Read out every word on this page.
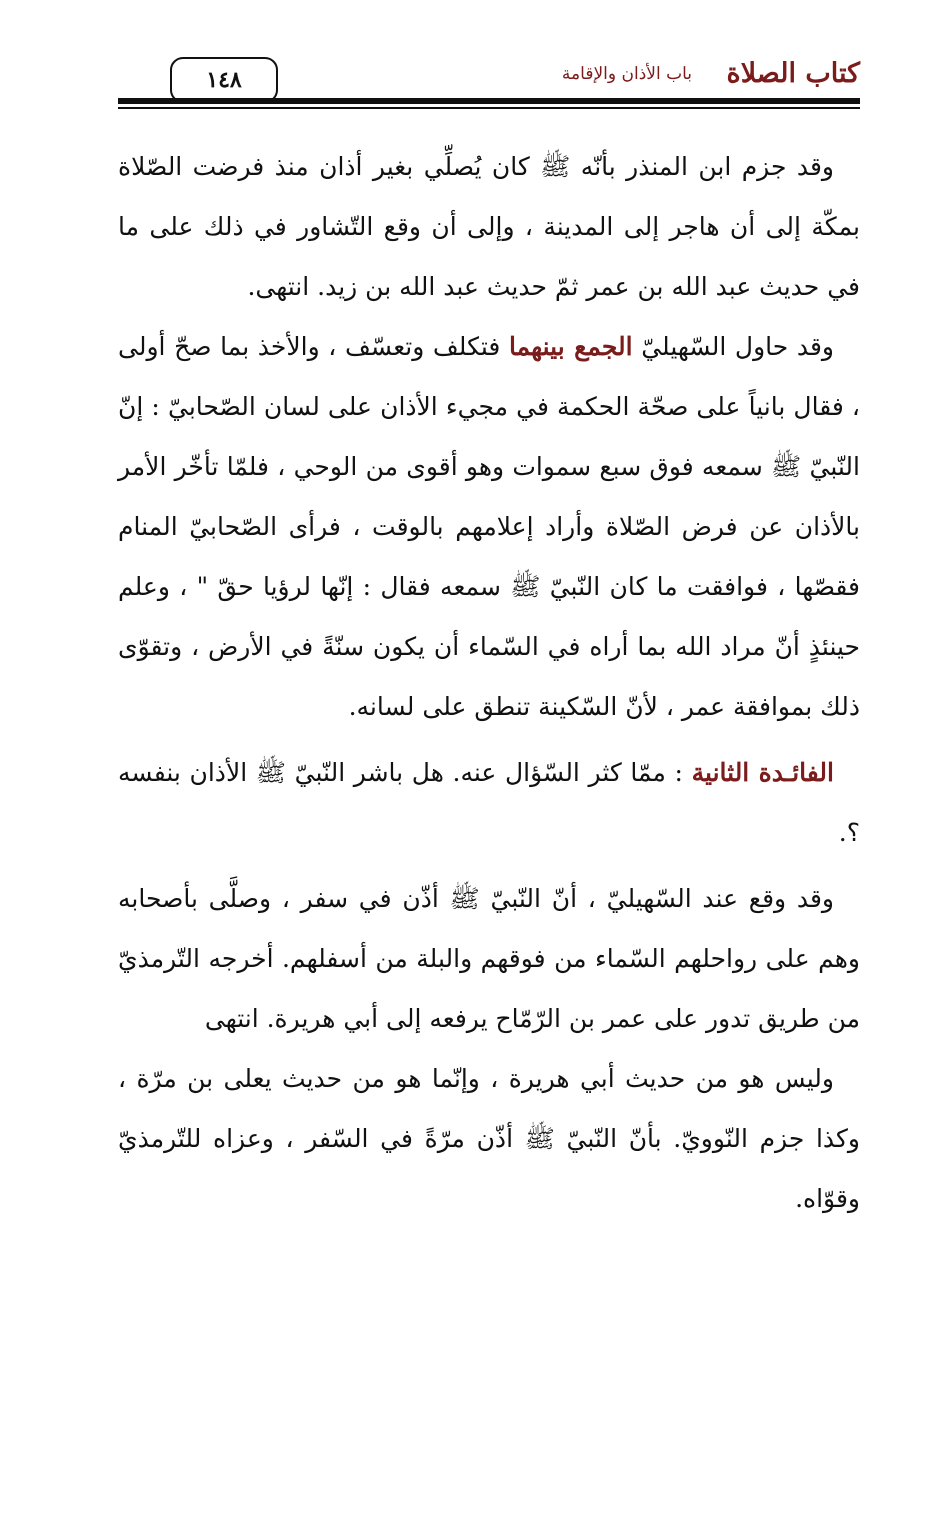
١٤٨	كتاب الصلاة
باب الأذان والإقامة

وقد جزم ابن المنذر بأنّه ﷺ كان يُصلِّي بغير أذان منذ فرضت الصّلاة بمكّة إلى أن هاجر إلى المدينة ، وإلى أن وقع التّشاور في ذلك على ما في حديث عبد الله بن عمر ثمّ حديث عبد الله بن زيد. انتهى.

وقد حاول السّهيليّ الجمع بينهما فتكلف وتعسّف ، والأخذ بما صحّ أولى ، فقال بانياً على صحّة الحكمة في مجيء الأذان على لسان الصّحابيّ : إنّ النّبيّ ﷺ سمعه فوق سبع سموات وهو أقوى من الوحي ، فلمّا تأخّر الأمر بالأذان عن فرض الصّلاة وأراد إعلامهم بالوقت ، فرأى الصّحابيّ المنام فقصّها ، فوافقت ما كان النّبيّ ﷺ سمعه فقال : إنّها لرؤيا حقّ " ، وعلم حينئذٍ أنّ مراد الله بما أراه في السّماء أن يكون سنّةً في الأرض ، وتقوّى ذلك بموافقة عمر ، لأنّ السّكينة تنطق على لسانه.

الفائـدة الثانية : ممّا كثر السّؤال عنه. هل باشر النّبيّ ﷺ الأذان بنفسه ؟.

وقد وقع عند السّهيليّ ، أنّ النّبيّ ﷺ أذّن في سفر ، وصلَّى بأصحابه وهم على رواحلهم السّماء من فوقهم والبلة من أسفلهم. أخرجه التّرمذيّ من طريق تدور على عمر بن الرّمّاح يرفعه إلى أبي هريرة. انتهى

وليس هو من حديث أبي هريرة ، وإنّما هو من حديث يعلى بن مرّة ، وكذا جزم النّوويّ. بأنّ النّبيّ ﷺ أذّن مرّةً في السّفر ، وعزاه للتّرمذيّ وقوّاه.
